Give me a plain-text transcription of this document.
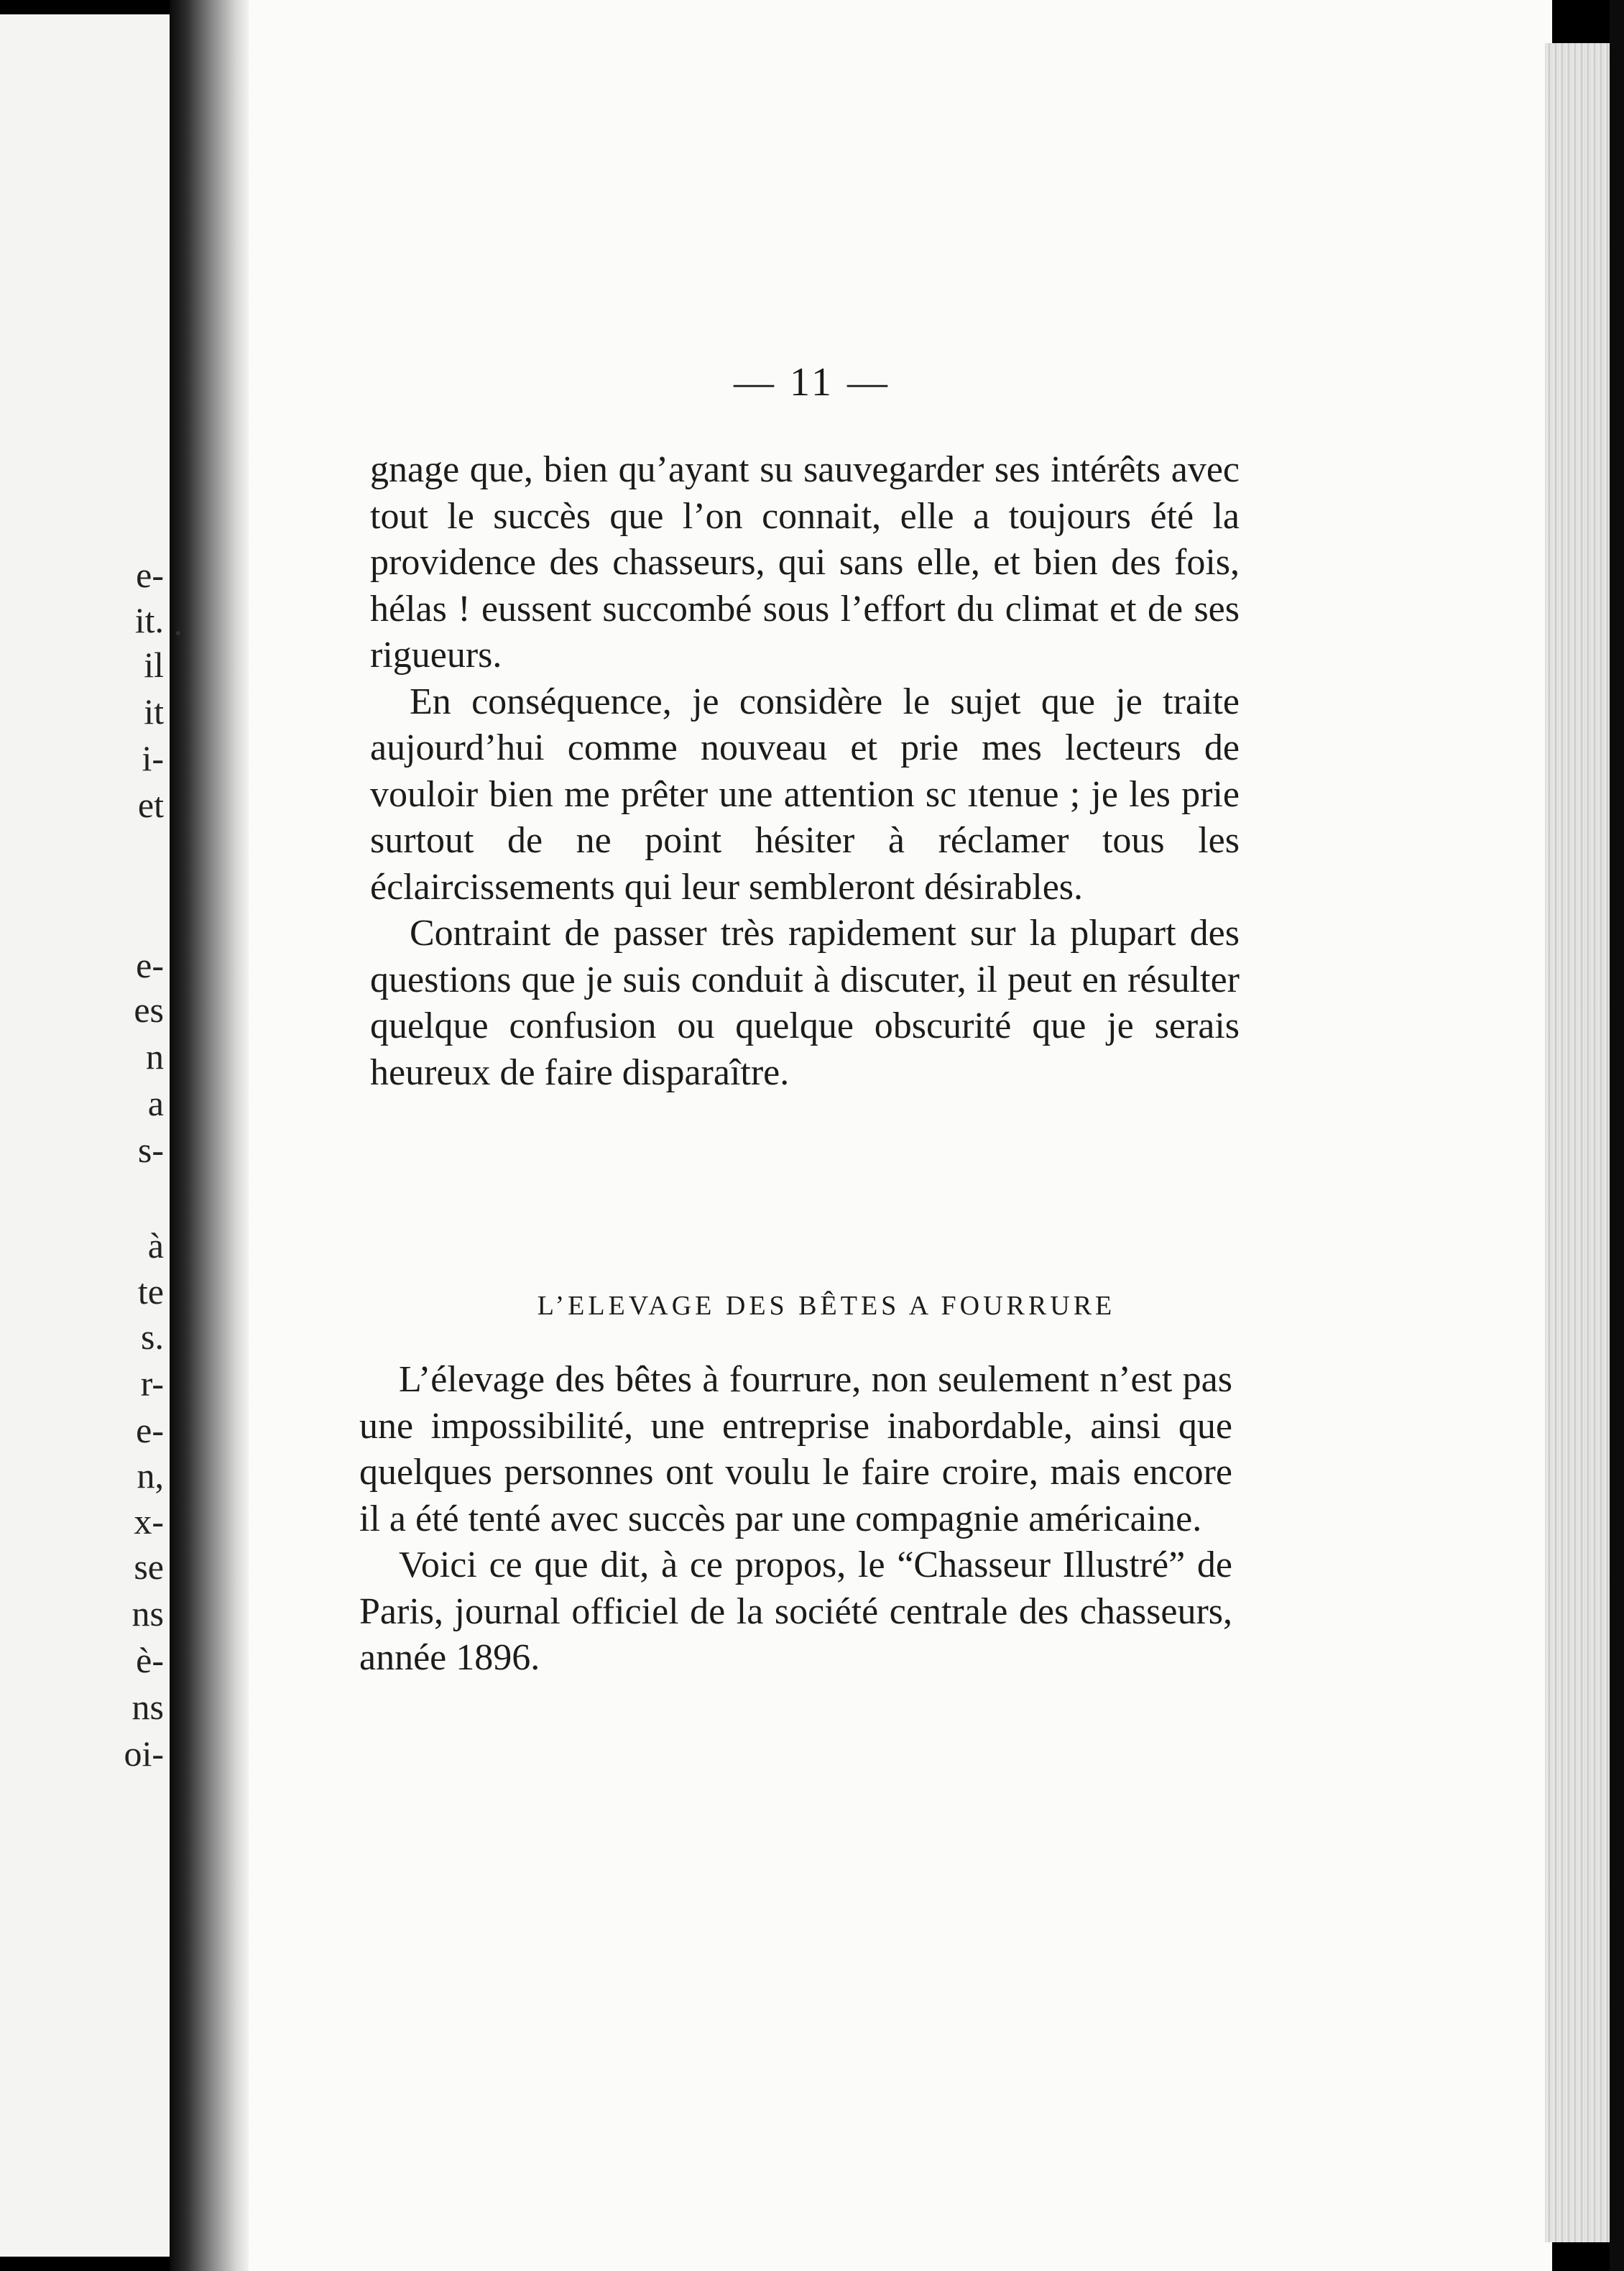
e-
it.
il
it
i-
et
e-
es
n
a
s-
à
te
s.
r-
e-
n,
x-
se
ns
è-
ns
oi-
— 11 —

gnage que, bien qu’ayant su sauvegarder ses intérêts avec tout le succès que l’on connait, elle a toujours été la providence des chasseurs, qui sans elle, et bien des fois, hélas ! eussent succombé sous l’effort du climat et de ses rigueurs.

En conséquence, je considère le sujet que je traite aujourd’hui comme nouveau et prie mes lecteurs de vouloir bien me prêter une attention sc ıtenue ; je les prie surtout de ne point hésiter à réclamer tous les éclaircissements qui leur sembleront désirables.

Contraint de passer très rapidement sur la plupart des questions que je suis conduit à discuter, il peut en résulter quelque confusion ou quelque obscurité que je serais heureux de faire disparaître.

L’ELEVAGE DES BÊTES A FOURRURE

L’élevage des bêtes à fourrure, non seulement n’est pas une impossibilité, une entreprise inabordable, ainsi que quelques personnes ont voulu le faire croire, mais encore il a été tenté avec succès par une compagnie américaine.

Voici ce que dit, à ce propos, le “Chasseur Illustré” de Paris, journal officiel de la société centrale des chasseurs, année 1896.
